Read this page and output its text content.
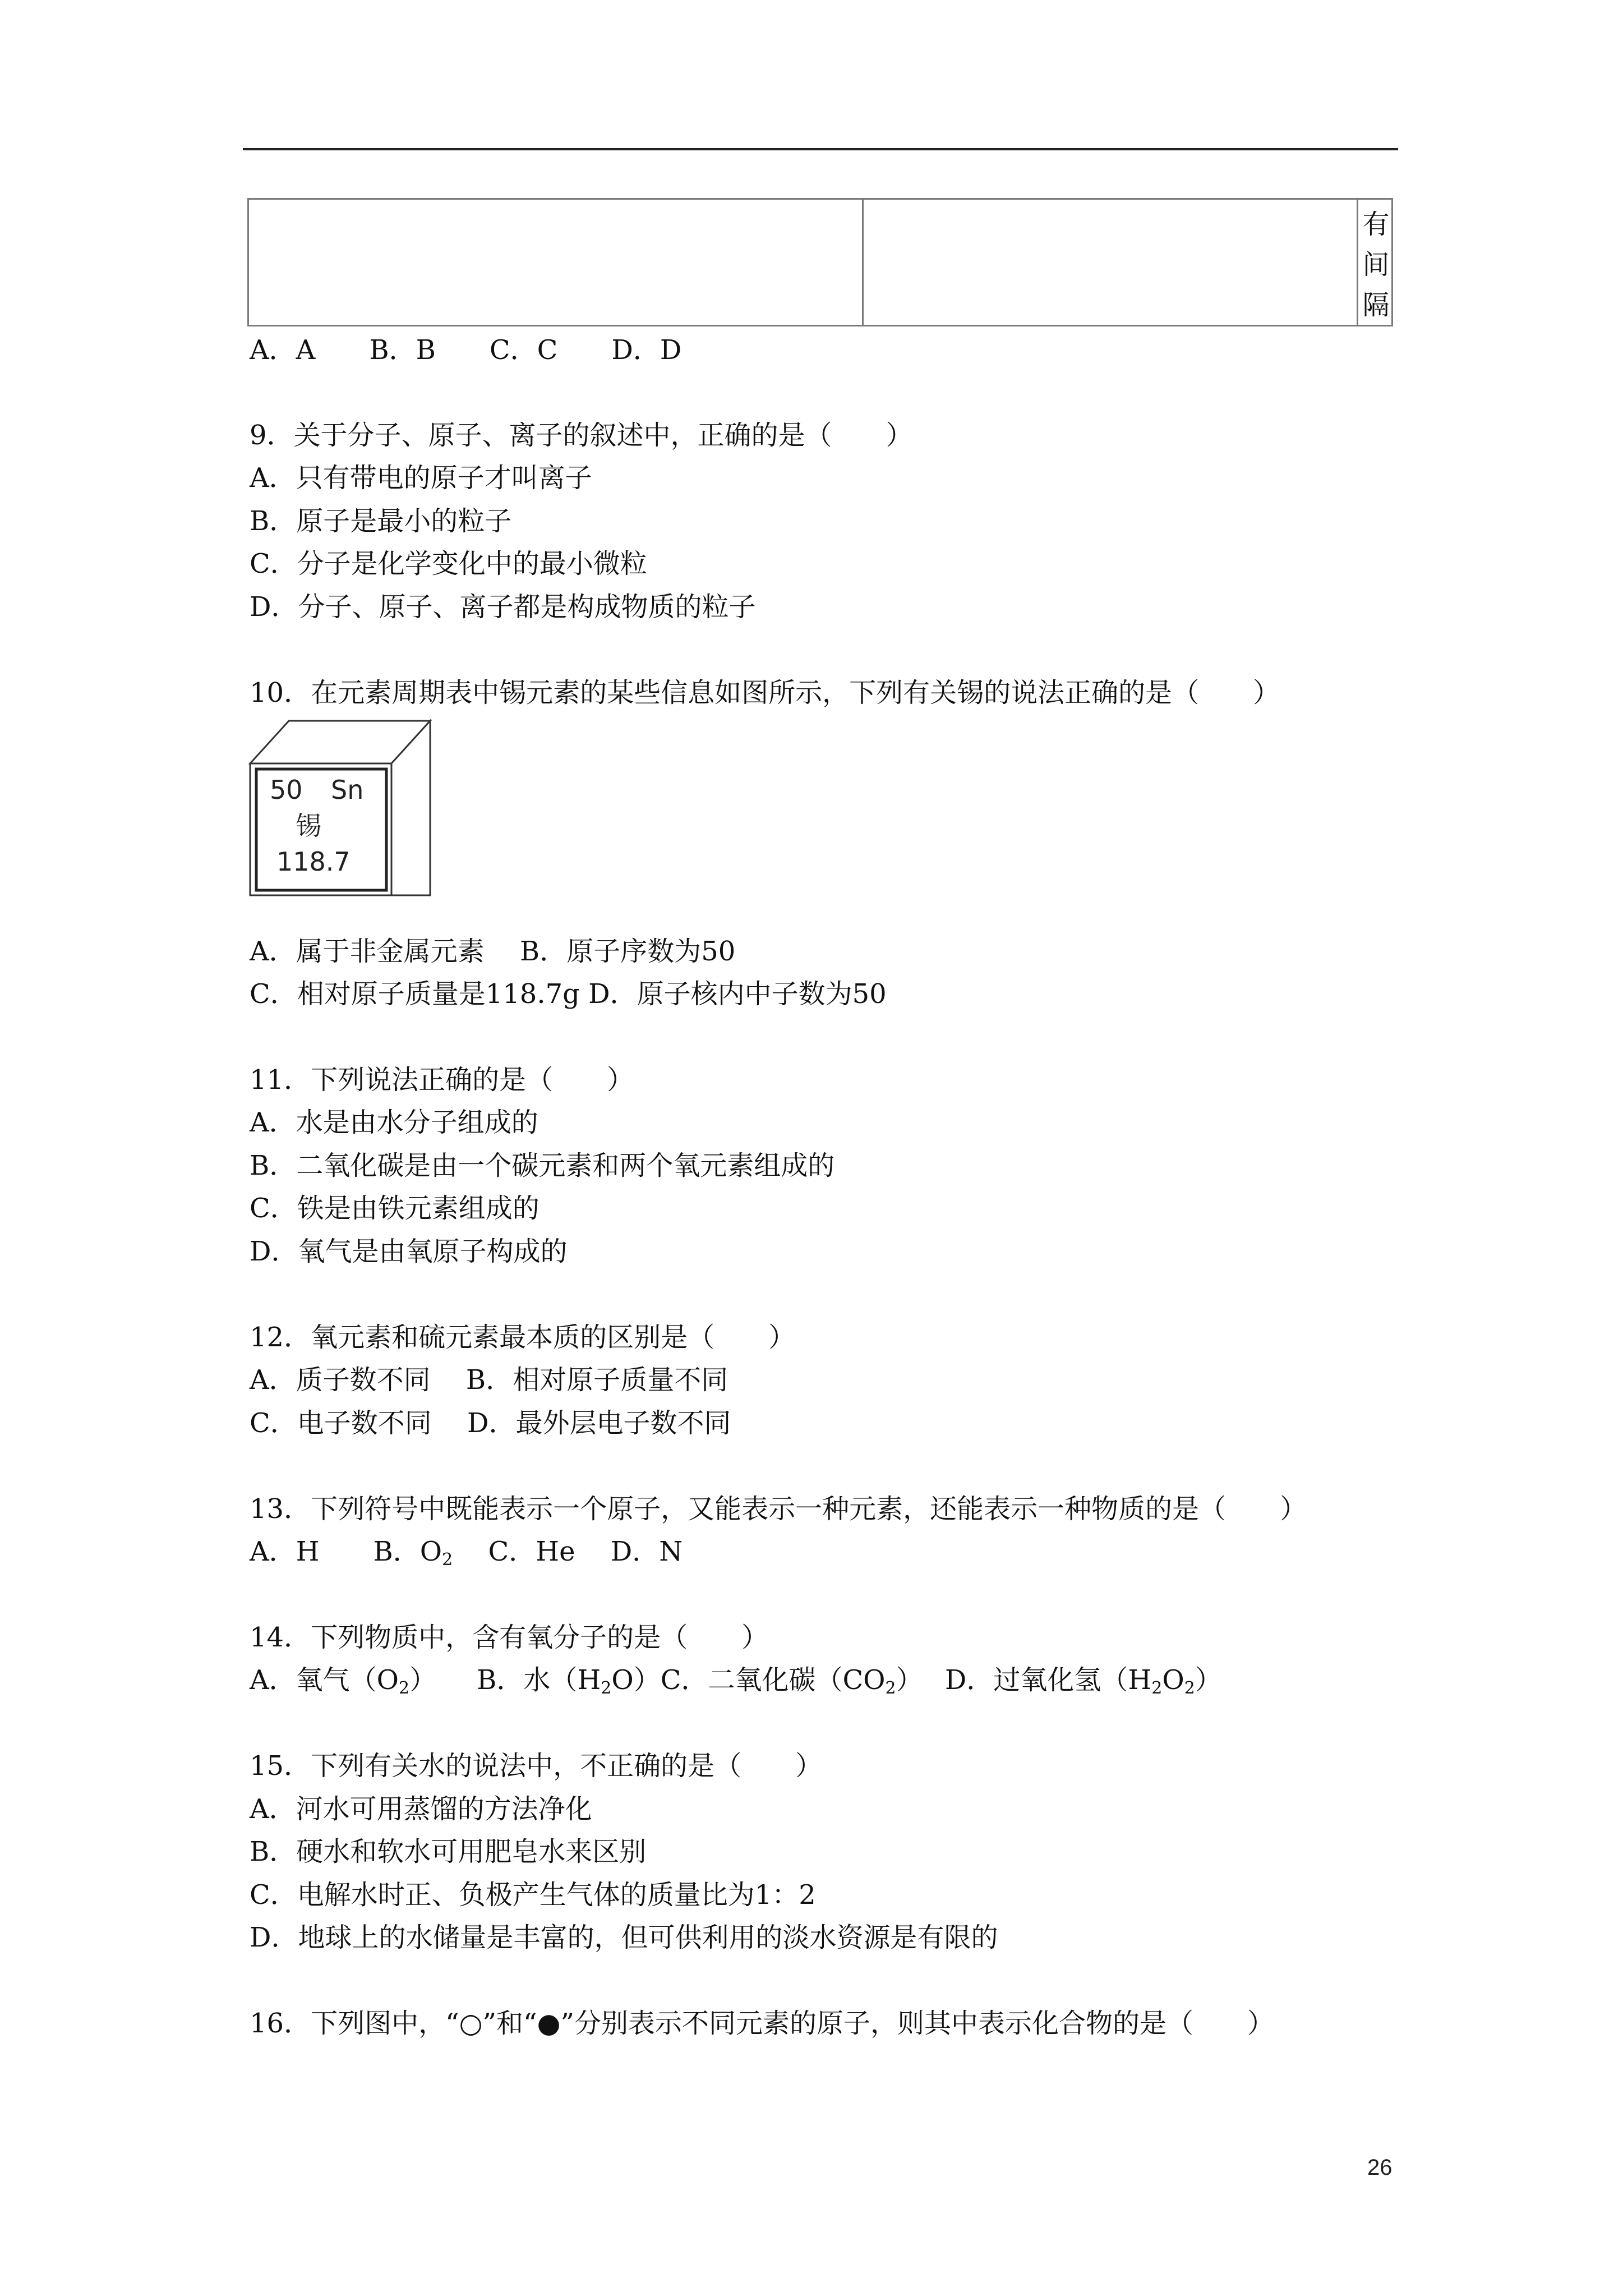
有
间
隔
A．A　　B．B　　C．C　　D．D
9．关于分子、原子、离子的叙述中，正确的是（　　）
A．只有带电的原子才叫离子
B．原子是最小的粒子
C．分子是化学变化中的最小微粒
D．分子、原子、离子都是构成物质的粒子
10．在元素周期表中锡元素的某些信息如图所示，下列有关锡的说法正确的是（　　）
50 Sn
锡
118.7
A．属于非金属元素　 B．原子序数为50
C．相对原子质量是118.7g D．原子核内中子数为50
11．下列说法正确的是（　　）
A．水是由水分子组成的
B．二氧化碳是由一个碳元素和两个氧元素组成的
C．铁是由铁元素组成的
D．氧气是由氧原子构成的
12．氧元素和硫元素最本质的区别是（　　）
A．质子数不同　 B．相对原子质量不同
C．电子数不同　 D．最外层电子数不同
13．下列符号中既能表示一个原子，又能表示一种元素，还能表示一种物质的是（　　）
A．H　　B．$O_2$　 C．He　 D．N
14．下列物质中，含有氧分子的是（　　）
A．氧气$(O_2)$　　B．水$(H_2O)C$．二氧化碳$(CO_2)$　 D．过氧化氢$(H_2O_2)$
15．下列有关水的说法中，不正确的是（　　）
A．河水可用蒸馏的方法净化
B．硬水和软水可用肥皂水来区别
C．电解水时正、负极产生气体的质量比为1：2
D．地球上的水储量是丰富的，但可供利用的淡水资源是有限的
16．下列图中，“○”和“●”分别表示不同元素的原子，则其中表示化合物的是（　　）
26
